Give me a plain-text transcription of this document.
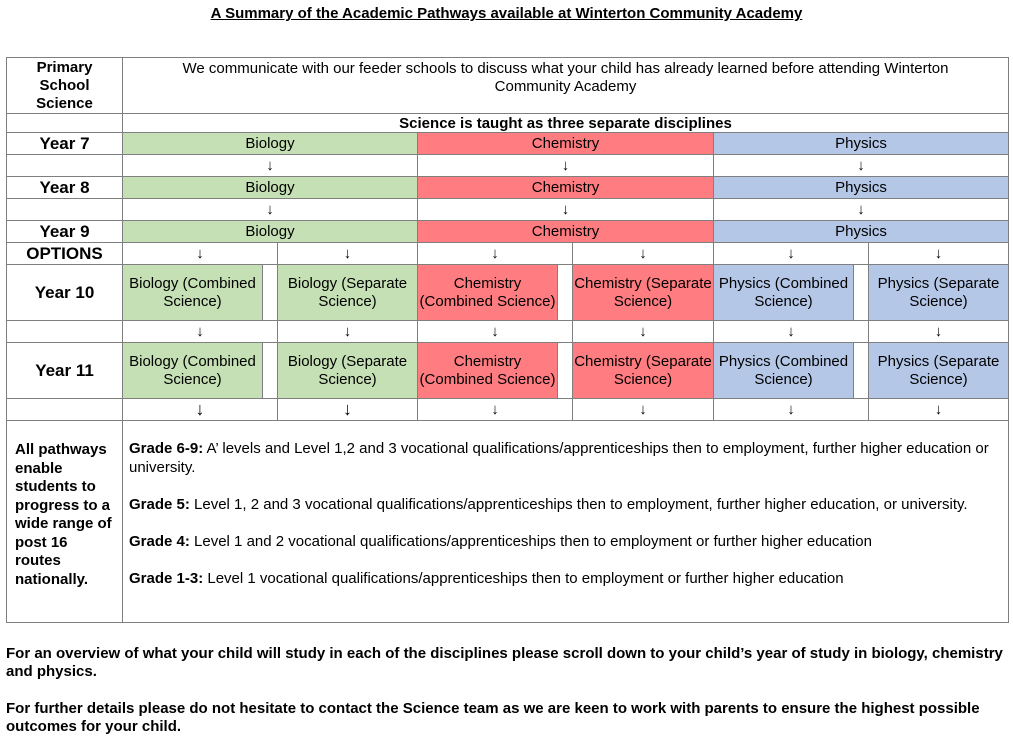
A Summary of the Academic Pathways available at Winterton Community Academy
Primary School Science	We communicate with our feeder schools to discuss what your child has already learned before attending Winterton Community Academy								
	Science is taught as three separate disciplines								
Year 7	Biology			Chemistry			Physics		
	↓			↓			↓		
Year 8	Biology			Chemistry			Physics		
	↓			↓			↓		
Year 9	Biology			Chemistry			Physics		
OPTIONS	↓		↓	↓		↓	↓		↓
Year 10	Biology (Combined Science)		Biology (Separate Science)	Chemistry (Combined Science)		Chemistry (Separate Science)	Physics (Combined Science)		Physics (Separate Science)
	↓		↓	↓		↓	↓		↓
Year 11	Biology (Combined Science)		Biology (Separate Science)	Chemistry (Combined Science)		Chemistry (Separate Science)	Physics (Combined Science)		Physics (Separate Science)
	↓		↓	↓		↓	↓		↓
All pathways enable students to progress to a wide range of post 16 routes nationally.	Grade 6-9: A’ levels and Level 1,2 and 3 vocational qualifications/apprenticeships then to employment, further higher education or university.

Grade 5: Level 1, 2 and 3 vocational qualifications/apprenticeships then to employment, further higher education, or university.

Grade 4: Level 1 and 2 vocational qualifications/apprenticeships then to employment or further higher education

Grade 1-3: Level 1 vocational qualifications/apprenticeships then to employment or further higher education								

For an overview of what your child will study in each of the disciplines please scroll down to your child’s year of study in biology, chemistry and physics.
For further details please do not hesitate to contact the Science team as we are keen to work with parents to ensure the highest possible outcomes for your child.
